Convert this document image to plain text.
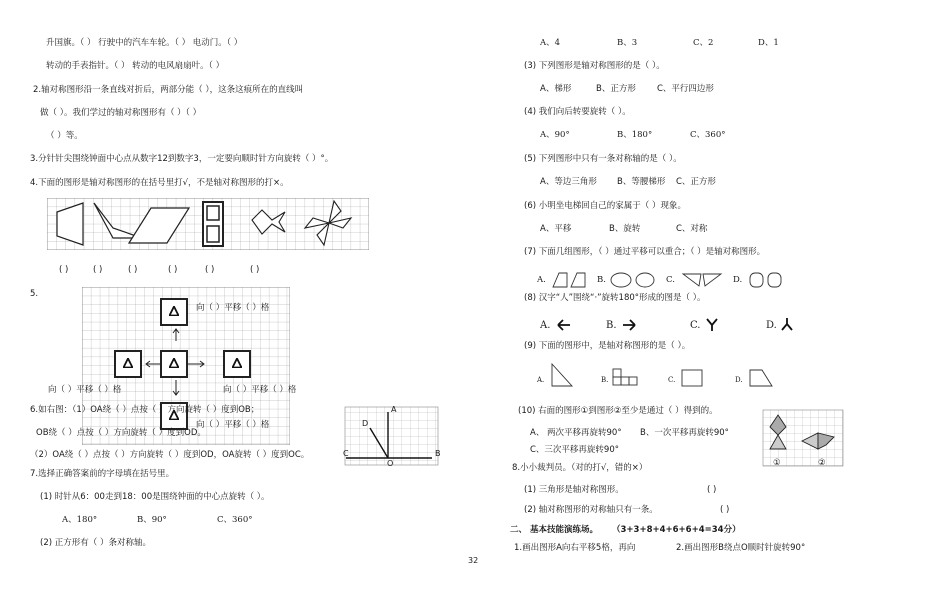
升国旗。（ ） 行驶中的汽车车轮。（ ） 电动门。（ ）
转动的手表指针。（ ） 转动的电风扇扇叶。（ ）
2.轴对称图形沿一条直线对折后，两部分能（ ），这条这痕所在的直线叫
做（ ）。我们学过的轴对称图形有（ ）（ ）
（ ）等。
3.分针针尖围绕钟面中心点从数字12到数字3，一定要向顺时针方向旋转（ ）°。
4.下面的图形是轴对称图形的在括号里打√，不是轴对称图形的打×。
( )	( )	( )	( )	( )	( )
5.
向（ ）平移（ ）格
向（ ）平移（ ）格	向（ ）平移（ ）格
向（ ）平移（ ）格
6.如右图：（1）OA绕（ ）点按（ ）方向旋转（ ）度到OB；
OB绕（ ）点按（ ）方向旋转（ ）度到OD。
（2）OA绕（ ）点按（ ）方向旋转（ ）度到OD，OA旋转（ ）度到OC。
A
B
C
D
O
7.选择正确答案前的字母填在括号里。
(1) 时针从6：00走到18：00是围绕钟面的中心点旋转（ ）。
A、180°	B、90°	C、360°
(2) 正方形有（ ）条对称轴。
A、4	B、3	C、2	D、1
(3) 下列图形是轴对称图形的是（ ）。
A、梯形	B、正方形 C、平行四边形
(4) 我们向后转要旋转（ ）。
A、90°	B、180°	C、360°
(5) 下列图形中只有一条对称轴的是（ ）。
A、等边三角形 B、等腰梯形 C、正方形
(6) 小明坐电梯回自己的家属于（ ）现象。
A、平移	B、旋转	C、对称
(7) 下面几组图形，（ ）通过平移可以重合；（ ）是轴对称图形。
A.	B.	C.	D.
(8) 汉字“人”围绕“·”旋转180°形成的图是（ ）。
A.	B.	C.	D.
(9) 下面的图形中，是轴对称图形的是（ ）。
A.	B.	C.	D.
(10) 右面的图形①到图形②至少是通过（ ）得到的。
A、 两次平移再旋转90° B、一次平移再旋转90°
C、三次平移再旋转90°
①	②
8.小小裁判员。（对的打√，错的×）
(1) 三角形是轴对称图形。	( )
(2) 轴对称图形的对称轴只有一条。	( )
二、 基本技能演练场。 （3+3+8+4+6+6+4=34分）
1.画出图形A向右平移5格，再向	2.画出图形B绕点O顺时针旋转90°
32
